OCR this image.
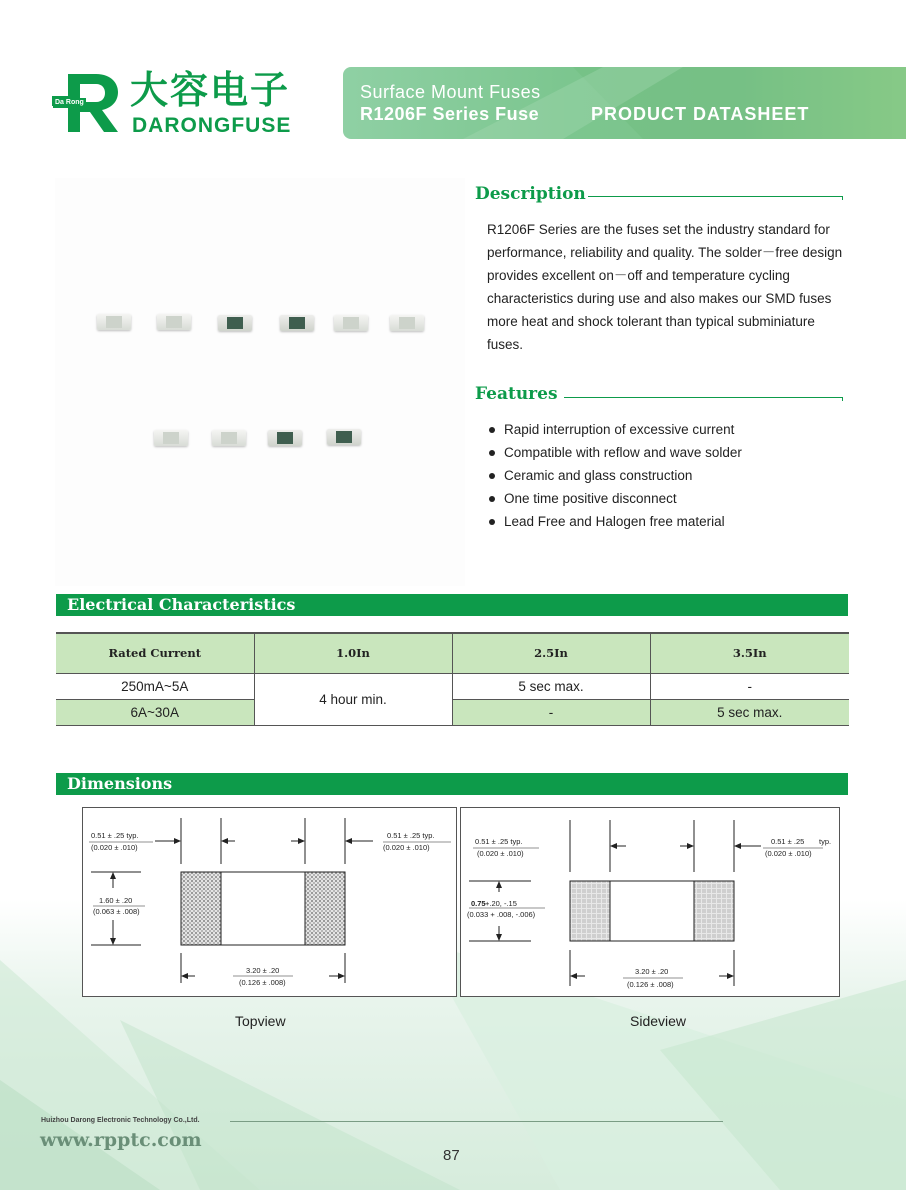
Da Rong 大容电子
DARONGFUSE
Surface Mount Fuses
R1206F Series Fuse	PRODUCT DATASHEET
Description

R1206F Series are the fuses set the industry standard for performance, reliability and quality. The solder－free design provides excellent on－off and temperature cycling characteristics during use and also makes our SMD fuses more heat and shock tolerant than typical subminiature fuses.

Features
Rapid interruption of excessive current
Compatible with reflow and wave solder
Ceramic and glass construction
One time positive disconnect
Lead Free and Halogen free material
Electrical Characteristics
Rated Current	1.0In	2.5In	3.5In
250mA~5A	4 hour min.	5 sec max.	-
6A~30A		-	5 sec max.
Dimensions
0.51 ± .25 typ.
(0.020 ± .010)
0.51 ± .25 typ.
(0.020 ± .010)
1.60 ± .20
(0.063 ± .008)
3.20 ± .20
(0.126 ± .008)
0.51 ± .25 typ.
(0.020 ± .010)
0.51 ± .25 typ.
(0.020 ± .010)
0.75 +.20, -.15
(0.033 + .008, -.006)
3.20 ± .20
(0.126 ± .008)
Topview	Sideview
Huizhou Darong Electronic Technology Co.,Ltd.
www.rpptc.com
87
